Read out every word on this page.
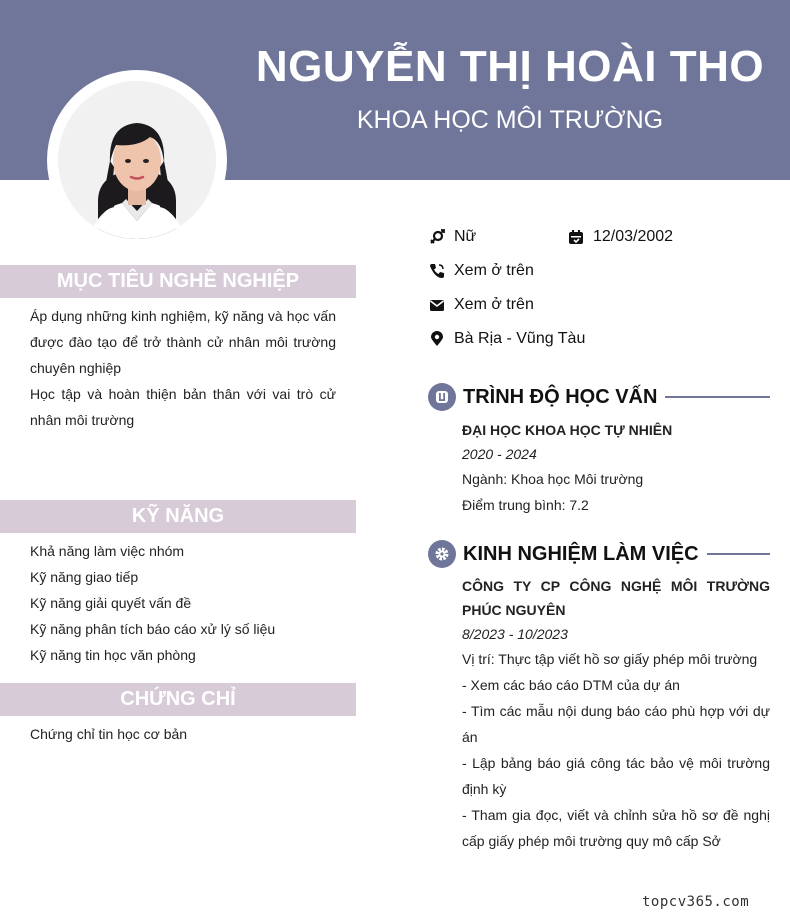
NGUYỄN THỊ HOÀI THO
KHOA HỌC MÔI TRƯỜNG
Nữ	12/03/2002
Xem ở trên
Xem ở trên
Bà Rịa - Vũng Tàu
MỤC TIÊU NGHỀ NGHIỆP

Áp dụng những kinh nghiệm, kỹ năng và học vấn được đào tạo để trở thành cử nhân môi trường chuyên nghiệp

Học tập và hoàn thiện bản thân với vai trò cử nhân môi trường

KỸ NĂNG
Khả năng làm việc nhóm
Kỹ năng giao tiếp
Kỹ năng giải quyết vấn đề
Kỹ năng phân tích báo cáo xử lý số liệu
Kỹ năng tin học văn phòng
CHỨNG CHỈ
Chứng chỉ tin học cơ bản
TRÌNH ĐỘ HỌC VẤN
ĐẠI HỌC KHOA HỌC TỰ NHIÊN
2020 - 2024
Ngành: Khoa học Môi trường
Điểm trung bình: 7.2
KINH NGHIỆM LÀM VIỆC
CÔNG TY CP CÔNG NGHỆ MÔI TRƯỜNG PHÚC NGUYÊN
8/2023 - 10/2023
Vị trí: Thực tập viết hồ sơ giấy phép môi trường
- Xem các báo cáo DTM của dự án
- Tìm các mẫu nội dung báo cáo phù hợp với dự án
- Lập bảng báo giá công tác bảo vệ môi trường định kỳ
- Tham gia đọc, viết và chỉnh sửa hồ sơ đề nghị cấp giấy phép môi trường quy mô cấp Sở
topcv365.com
